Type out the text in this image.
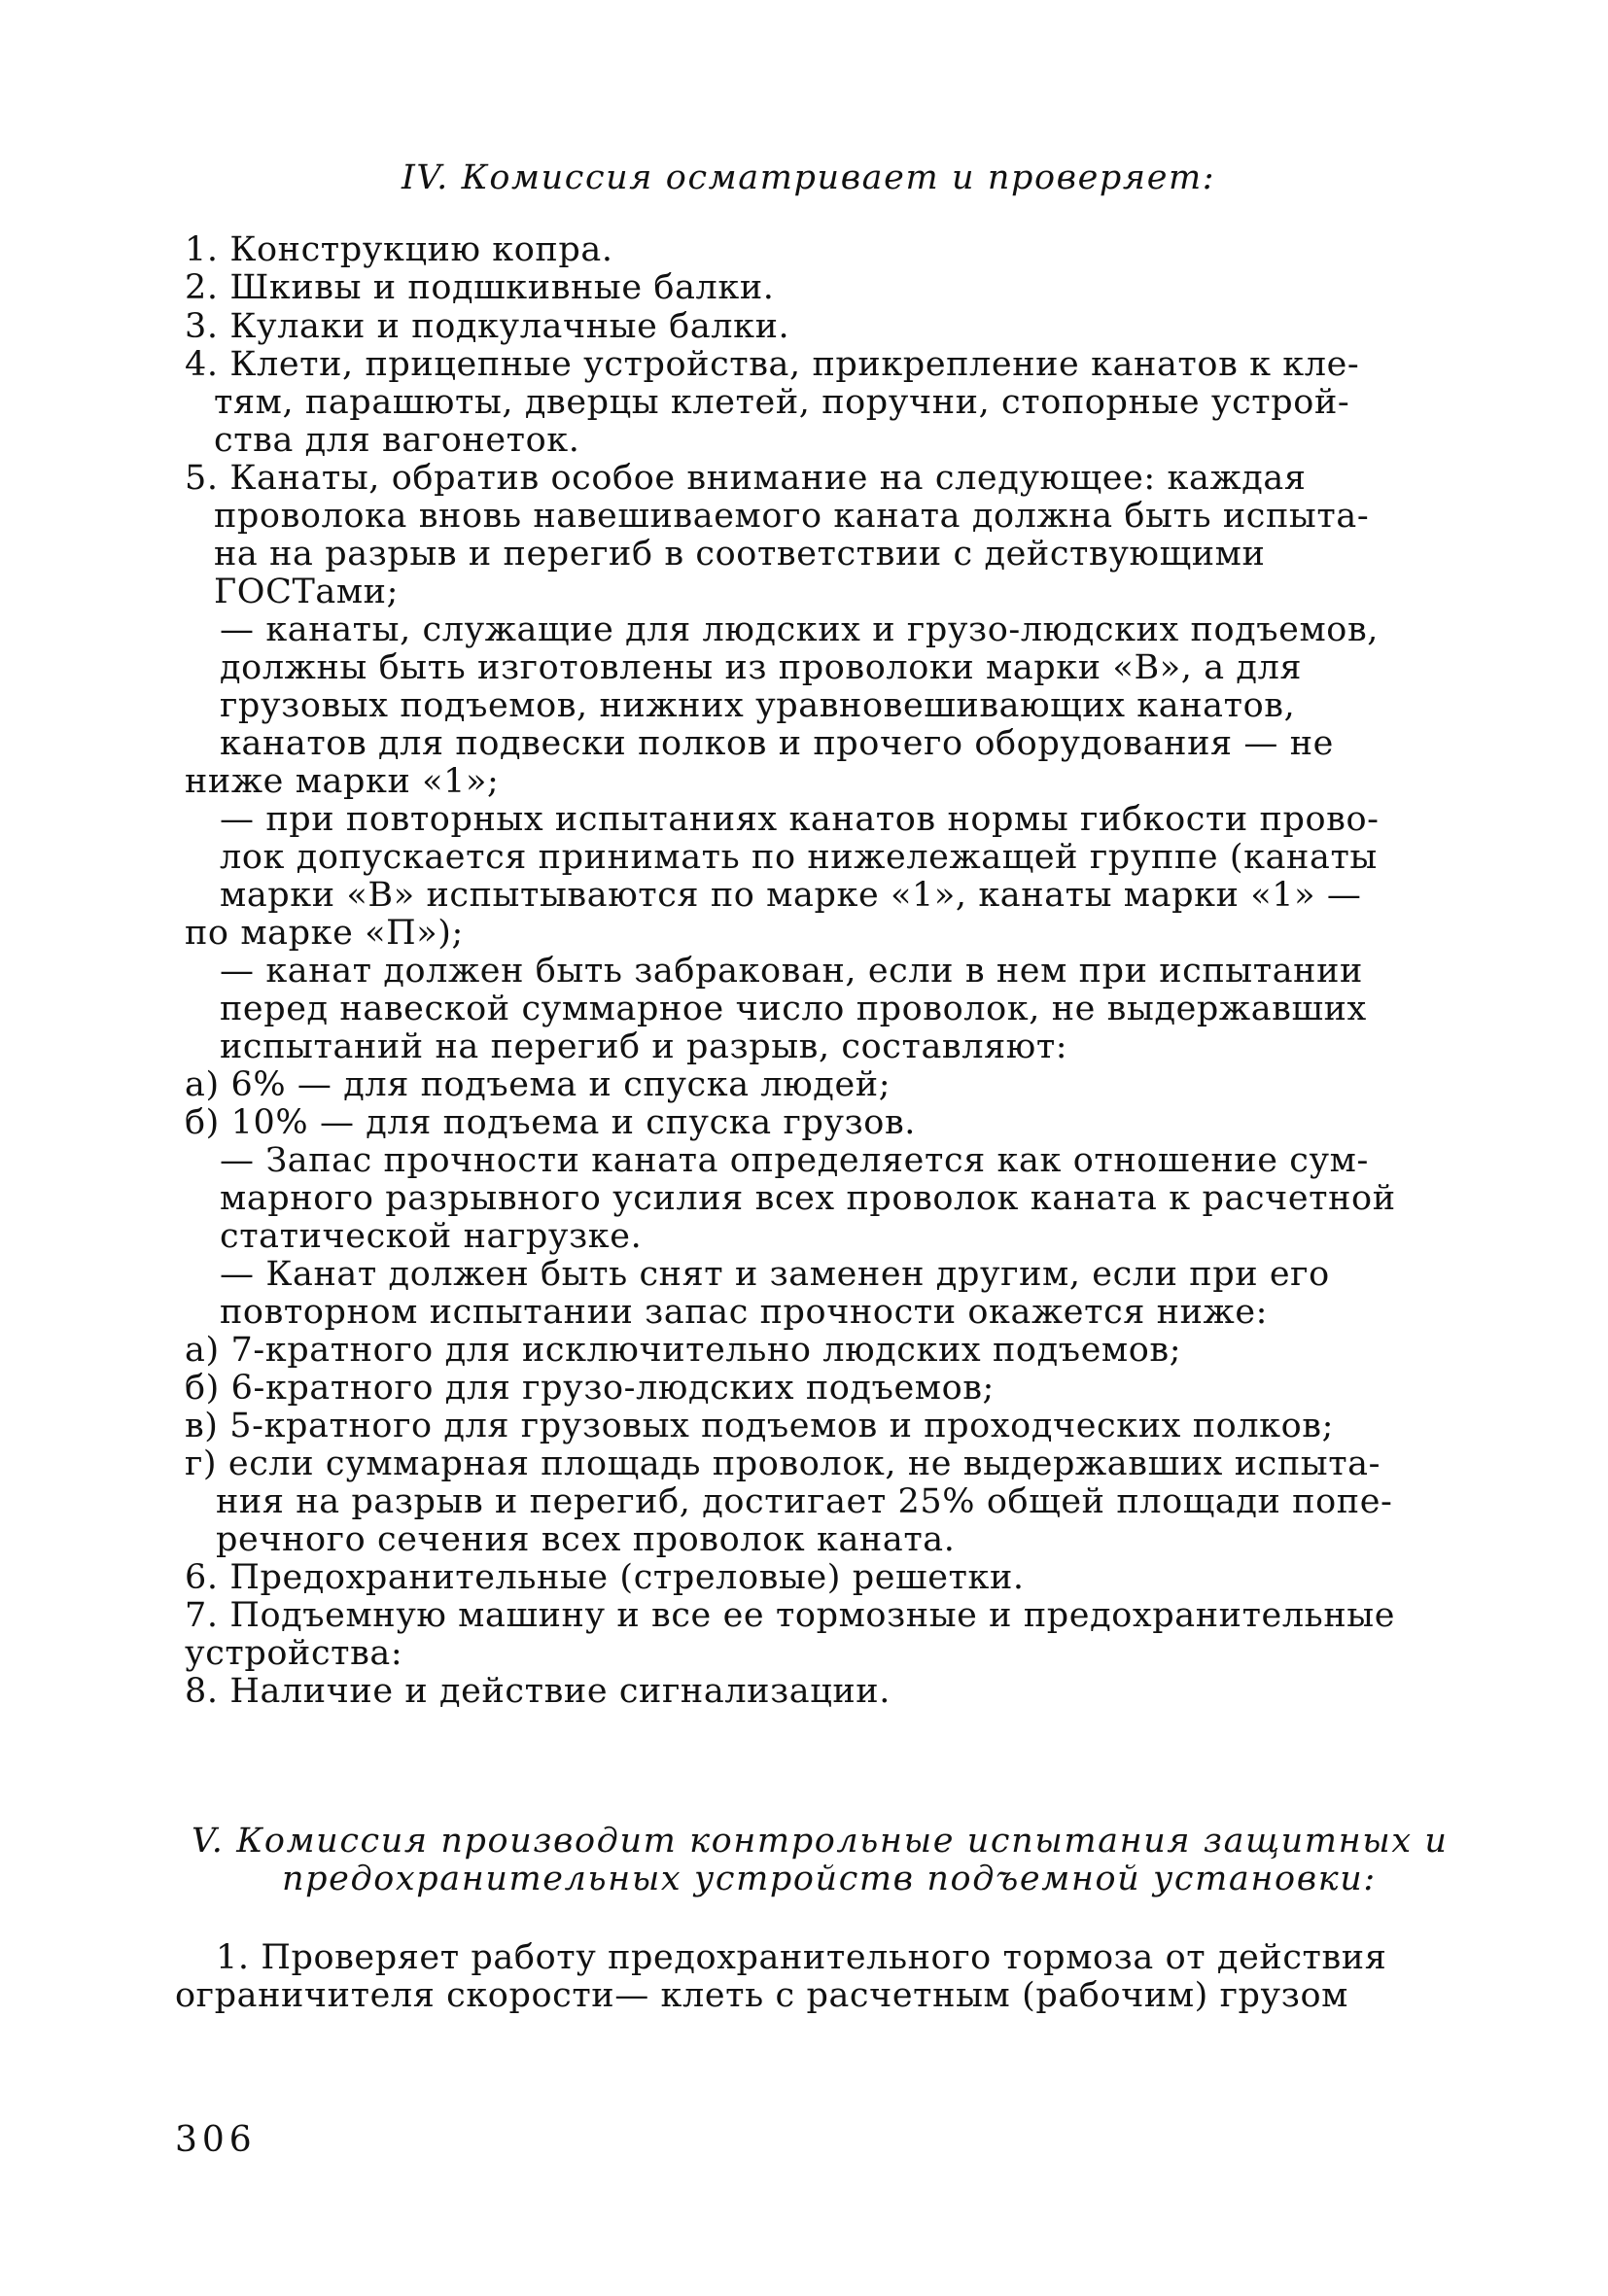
IV. Комиссия осматривает и проверяет:
1. Конструкцию копра.
2. Шкивы и подшкивные балки.
3. Кулаки и подкулачные балки.
4. Клети, прицепные устройства, прикрепление канатов к кле-
тям, парашюты, дверцы клетей, поручни, стопорные устрой-
ства для вагонеток.
5. Канаты, обратив особое внимание на следующее: каждая
проволока вновь навешиваемого каната должна быть испыта-
на на разрыв и перегиб в соответствии с действующими
ГОСТами;
— канаты, служащие для людских и грузо-людских подъемов,
должны быть изготовлены из проволоки марки «В», а для
грузовых подъемов, нижних уравновешивающих канатов,
канатов для подвески полков и прочего оборудования — не
ниже марки «1»;
— при повторных испытаниях канатов нормы гибкости прово-
лок допускается принимать по нижележащей группе (канаты
марки «В» испытываются по марке «1», канаты марки «1» —
по марке «П»);
— канат должен быть забракован, если в нем при испытании
перед навеской суммарное число проволок, не выдержавших
испытаний на перегиб и разрыв, составляют:
а) 6% — для подъема и спуска людей;
б) 10% — для подъема и спуска грузов.
— Запас прочности каната определяется как отношение сум-
марного разрывного усилия всех проволок каната к расчетной
статической нагрузке.
— Канат должен быть снят и заменен другим, если при его
повторном испытании запас прочности окажется ниже:
а) 7-кратного для исключительно людских подъемов;
б) 6-кратного для грузо-людских подъемов;
в) 5-кратного для грузовых подъемов и проходческих полков;
г) если суммарная площадь проволок, не выдержавших испыта-
ния на разрыв и перегиб, достигает 25% общей площади попе-
речного сечения всех проволок каната.
6. Предохранительные (стреловые) решетки.
7. Подъемную машину и все ее тормозные и предохранительные
устройства:
8. Наличие и действие сигнализации.
V. Комиссия производит контрольные испытания защитных и
предохранительных устройств подъемной установки:
1. Проверяет работу предохранительного тормоза от действия
ограничителя скорости— клеть с расчетным (рабочим) грузом
306
